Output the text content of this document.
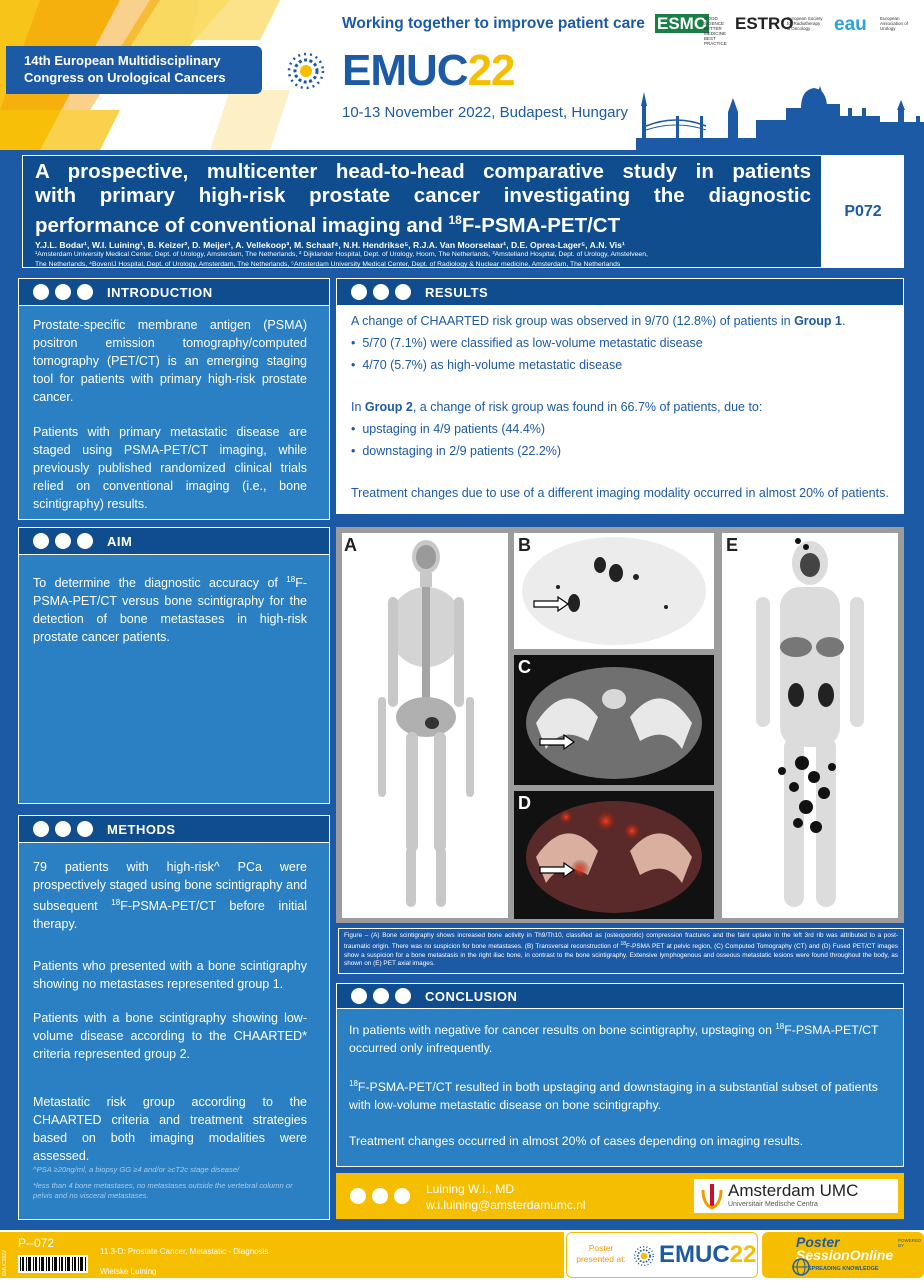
14th European Multidisciplinary
Congress on Urological Cancers
Working together to improve patient care
EMUC 22
10-13 November 2022, Budapest, Hungary
ESMO
GOOD SCIENCE BETTER MEDICINE BEST PRACTICE
ESTRO
European Society for Radiotherapy & Oncology	eau	European Association of Urology
A prospective, multicenter head-to-head comparative study in patients
with primary high-risk prostate cancer investigating the diagnostic
performance of conventional imaging and $^{18}$F-PSMA-PET/CT
Y.J.L. Bodar¹, W.I. Luining¹, B. Keizer², D. Meijer¹, A. Vellekoop³, M. Schaaf⁴, N.H. Hendrikse⁵, R.J.A. Van Moorselaar¹, D.E. Oprea-Lager⁵, A.N. Vis¹
¹Amsterdam University Medical Center, Dept. of Urology, Amsterdam, The Netherlands, ² Dijklander Hospital, Dept. of Urology, Hoorn, The Netherlands, ³Amstelland Hospital, Dept. of Urology, Amstelveen,
The Netherlands, ⁴BovenIJ Hospital, Dept. of Urology, Amsterdam, The Netherlands, ⁵Amsterdam University Medical Center, Dept. of Radiology & Nuclear medicine, Amsterdam, The Netherlands
P072
INTRODUCTION

Prostate-specific membrane antigen (PSMA) positron emission tomography/computed tomography (PET/CT) is an emerging staging tool for patients with primary high-risk prostate cancer.

Patients with primary metastatic disease are staged using PSMA-PET/CT imaging, while previously published randomized clinical trials relied on conventional imaging (i.e., bone scintigraphy) results.

AIM
To determine the diagnostic accuracy of $^{18}$F-PSMA-PET/CT versus bone scintigraphy for the detection of bone metastases in high-risk prostate cancer patients.
METHODS

79 patients with high-risk^ PCa were prospectively staged using bone scintigraphy and subsequent $^{18}$F-PSMA-PET/CT before initial therapy.

Patients who presented with a bone scintigraphy showing no metastases represented group 1.

Patients with a bone scintigraphy showing low-volume disease according to the CHAARTED* criteria represented group 2.

Metastatic risk group according to the CHAARTED criteria and treatment strategies based on both imaging modalities were assessed.

^PSA ≥20ng/ml, a biopsy GG ≥4 and/or ≥cT2c stage disease/
*less than 4 bone metastases, no metastases outside the vertebral column or pelvis and no visceral metastases.
RESULTS
A change of CHAARTED risk group was observed in 9/70 (12.8%) of patients in Group 1.
•  5/70 (7.1%) were classified as low-volume metastatic disease
•  4/70 (5.7%) as high-volume metastatic disease
In Group 2, a change of risk group was found in 66.7% of patients, due to:
•  upstaging in 4/9 patients (44.4%)
•  downstaging in 2/9 patients (22.2%)
Treatment changes due to use of a different imaging modality occurred in almost 20% of patients.
A	B
C
D
E
Figure – (A) Bone scintigraphy shows increased bone activity in Th9/Th10, classified as (osteoporotic) compression fractures and the faint uptake in the left 3rd rib was attributed to a post-traumatic origin. There was no suspicion for bone metastases. (B) Transversal reconstruction of $^{18}$F-PSMA PET at pelvic region, (C) Computed Tomography (CT) and (D) Fused PET/CT images show a suspicion for a bone metastasis in the right iliac bone, in contrast to the bone scintigraphy. Extensive lymphogenous and osseous metastatic lesions were found throughout the body, as shown on (E) PET axial images.
CONCLUSION

In patients with negative for cancer results on bone scintigraphy, upstaging on $^{18}$F-PSMA-PET/CT occurred only infrequently.

$^{18}$F-PSMA-PET/CT resulted in both upstaging and downstaging in a substantial subset of patients with low-volume metastatic disease on bone scintigraphy.

Treatment changes occurred in almost 20% of cases depending on imaging results.

Luining W.I., MD
w.i.luining@amsterdamumc.nl
Amsterdam UMC
Universitair Medische Centra
EMUC2022
P--072
11.3-D: Prostate Cancer, Metastatic - Diagnosis
Wietske Luining
Poster
presented at: EMUC22	Poster
SessionOnline
POWERED BY
SPREADING KNOWLEDGE
